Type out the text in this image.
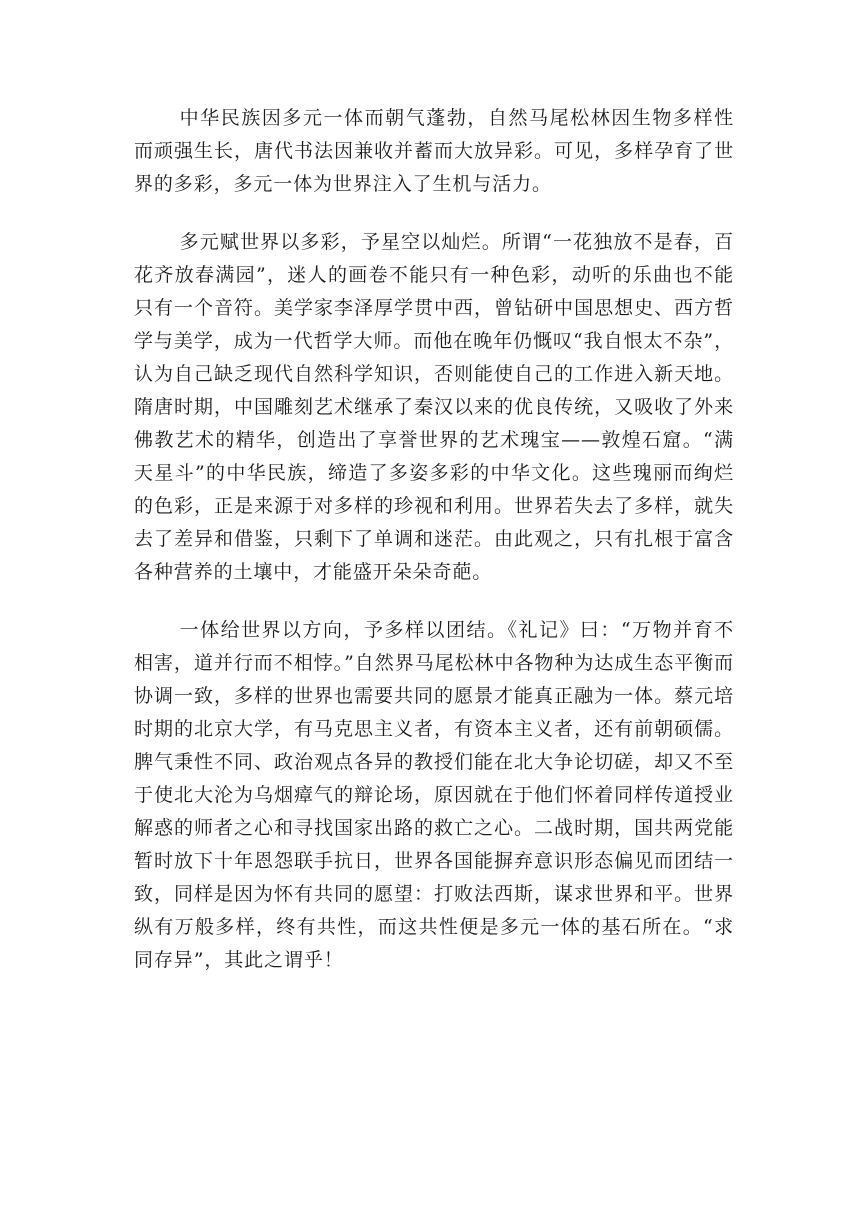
中华民族因多元一体而朝气蓬勃，自然马尾松林因生物多样性而顽强生长，唐代书法因兼收并蓄而大放异彩。可见，多样孕育了世界的多彩，多元一体为世界注入了生机与活力。

多元赋世界以多彩，予星空以灿烂。所谓“一花独放不是春，百花齐放春满园”，迷人的画卷不能只有一种色彩，动听的乐曲也不能只有一个音符。美学家李泽厚学贯中西，曾钻研中国思想史、西方哲学与美学，成为一代哲学大师。而他在晚年仍慨叹“我自恨太不杂”，认为自己缺乏现代自然科学知识，否则能使自己的工作进入新天地。隋唐时期，中国雕刻艺术继承了秦汉以来的优良传统，又吸收了外来佛教艺术的精华，创造出了享誉世界的艺术瑰宝——敦煌石窟。“满天星斗”的中华民族，缔造了多姿多彩的中华文化。这些瑰丽而绚烂的色彩，正是来源于对多样的珍视和利用。世界若失去了多样，就失去了差异和借鉴，只剩下了单调和迷茫。由此观之，只有扎根于富含各种营养的土壤中，才能盛开朵朵奇葩。

一体给世界以方向，予多样以团结。《礼记》曰：“万物并育不相害，道并行而不相悖。”自然界马尾松林中各物种为达成生态平衡而协调一致，多样的世界也需要共同的愿景才能真正融为一体。蔡元培时期的北京大学，有马克思主义者，有资本主义者，还有前朝硕儒。脾气秉性不同、政治观点各异的教授们能在北大争论切磋，却又不至于使北大沦为乌烟瘴气的辩论场，原因就在于他们怀着同样传道授业解惑的师者之心和寻找国家出路的救亡之心。二战时期，国共两党能暂时放下十年恩怨联手抗日，世界各国能摒弃意识形态偏见而团结一致，同样是因为怀有共同的愿望：打败法西斯，谋求世界和平。世界纵有万般多样，终有共性，而这共性便是多元一体的基石所在。“求同存异”，其此之谓乎！
